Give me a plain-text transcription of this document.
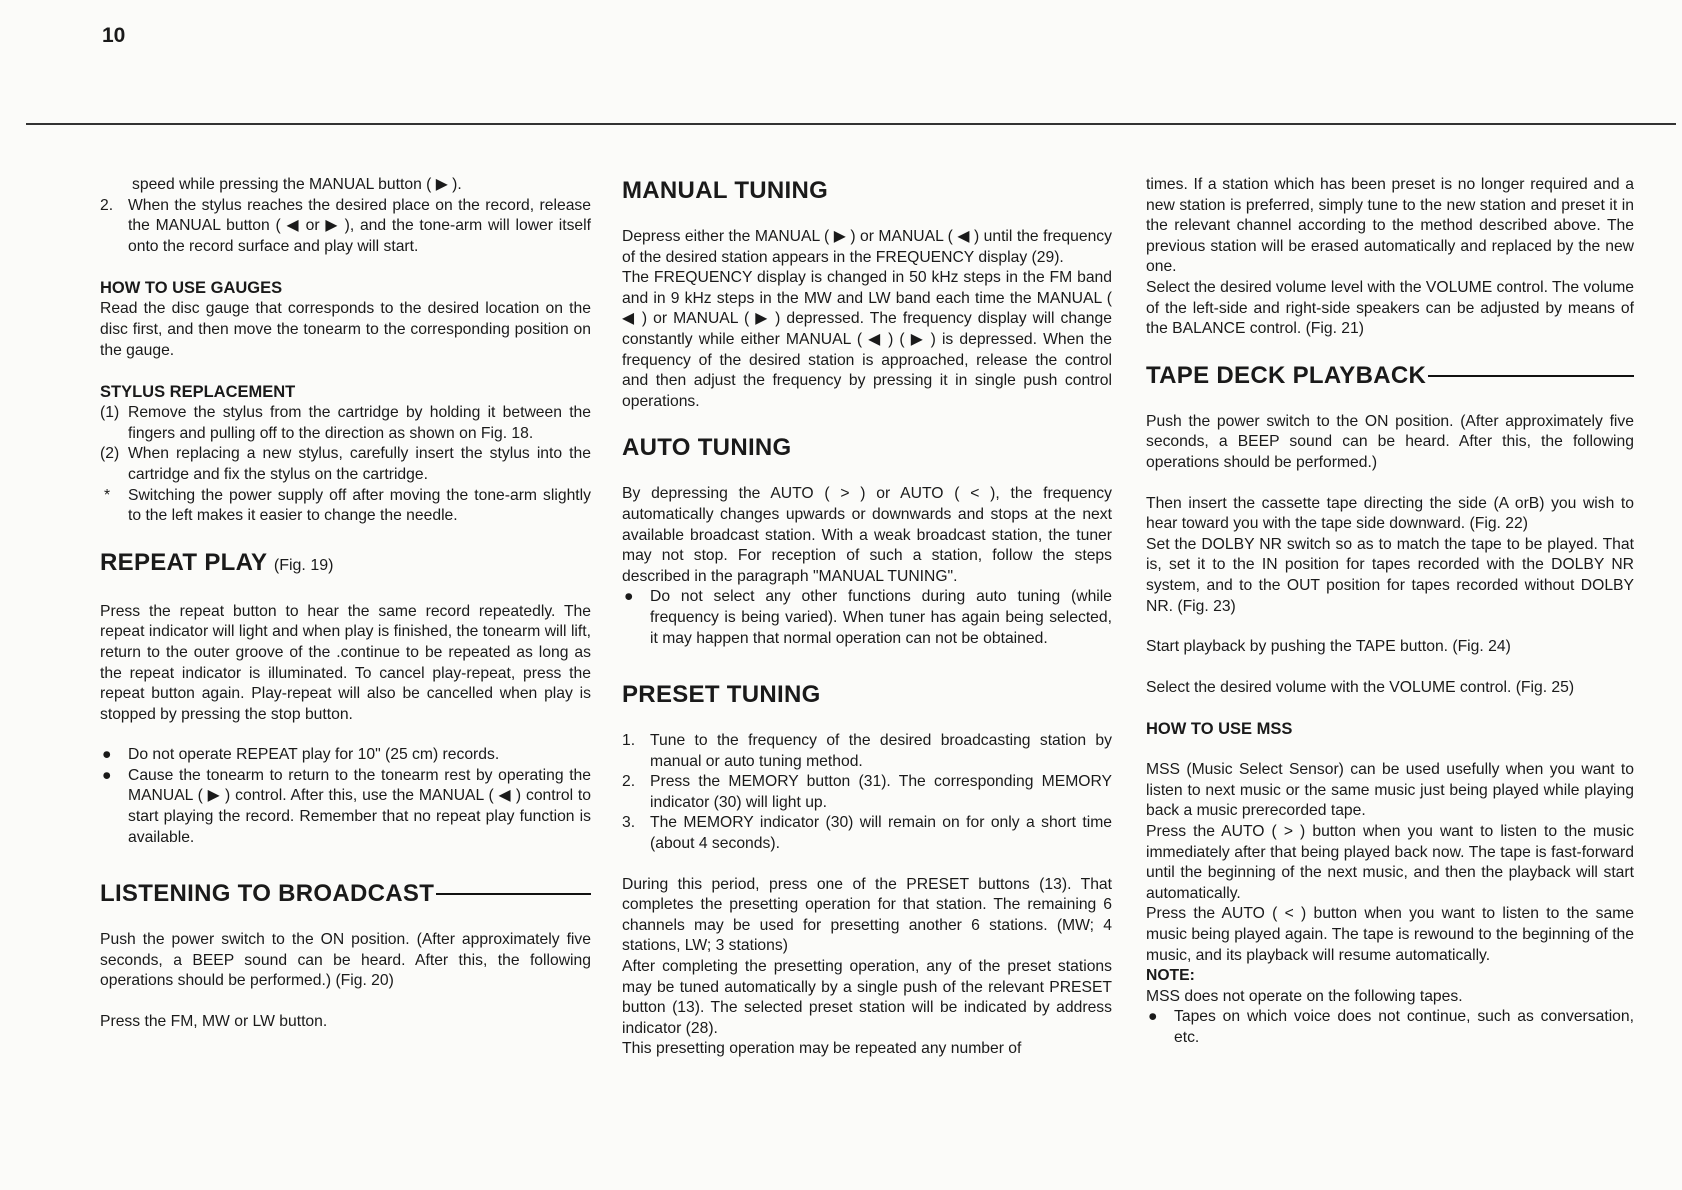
10

speed while pressing the MANUAL button ( ▶ ).

2. When the stylus reaches the desired place on the record, release the MANUAL button ( ◀ or ▶ ), and the tone-arm will lower itself onto the record surface and play will start.
HOW TO USE GAUGES

Read the disc gauge that corresponds to the desired location on the disc first, and then move the tonearm to the corresponding position on the gauge.

STYLUS REPLACEMENT
(1) Remove the stylus from the cartridge by holding it between the fingers and pulling off to the direction as shown on Fig. 18.
(2) When replacing a new stylus, carefully insert the stylus into the cartridge and fix the stylus on the cartridge.
*	Switching the power supply off after moving the tone-arm slightly to the left makes it easier to change the needle.
REPEAT PLAY (Fig. 19)

Press the repeat button to hear the same record repeatedly. The repeat indicator will light and when play is finished, the tonearm will lift, return to the outer groove of the .continue to be repeated as long as the repeat indicator is illuminated. To cancel play-repeat, press the repeat button again. Play-repeat will also be cancelled when play is stopped by pressing the stop button.

●	Do not operate REPEAT play for 10" (25 cm) records.
●	Cause the tonearm to return to the tonearm rest by operating the MANUAL ( ▶ ) control. After this, use the MANUAL ( ◀ ) control to start playing the record. Remember that no repeat play function is available.
LISTENING TO BROADCAST

Push the power switch to the ON position. (After approximately five seconds, a BEEP sound can be heard. After this, the following operations should be performed.) (Fig. 20)

Press the FM, MW or LW button.

MANUAL TUNING

Depress either the MANUAL ( ▶ ) or MANUAL ( ◀ ) until the frequency of the desired station appears in the FREQUENCY display (29).

The FREQUENCY display is changed in 50 kHz steps in the FM band and in 9 kHz steps in the MW and LW band each time the MANUAL ( ◀ ) or MANUAL ( ▶ ) depressed. The frequency display will change constantly while either MANUAL ( ◀ ) ( ▶ ) is depressed. When the frequency of the desired station is approached, release the control and then adjust the frequency by pressing it in single push control operations.

AUTO TUNING

By depressing the AUTO ( > ) or AUTO ( < ), the frequency automatically changes upwards or downwards and stops at the next available broadcast station. With a weak broadcast station, the tuner may not stop. For reception of such a station, follow the steps described in the paragraph "MANUAL TUNING".

●	Do not select any other functions during auto tuning (while frequency is being varied). When tuner has again being selected, it may happen that normal operation can not be obtained.
PRESET TUNING
1. Tune to the frequency of the desired broadcasting station by manual or auto tuning method.
2. Press the MEMORY button (31). The corresponding MEMORY indicator (30) will light up.
3. The MEMORY indicator (30) will remain on for only a short time (about 4 seconds).

During this period, press one of the PRESET buttons (13). That completes the presetting operation for that station. The remaining 6 channels may be used for presetting another 6 stations. (MW; 4 stations, LW; 3 stations)

After completing the presetting operation, any of the preset stations may be tuned automatically by a single push of the relevant PRESET button (13). The selected preset station will be indicated by address indicator (28).

This presetting operation may be repeated any number of

times. If a station which has been preset is no longer required and a new station is preferred, simply tune to the new station and preset it in the relevant channel according to the method described above. The previous station will be erased automatically and replaced by the new one.

Select the desired volume level with the VOLUME control. The volume of the left-side and right-side speakers can be adjusted by means of the BALANCE control. (Fig. 21)

TAPE DECK PLAYBACK

Push the power switch to the ON position. (After approximately five seconds, a BEEP sound can be heard. After this, the following operations should be performed.)

Then insert the cassette tape directing the side (A orB) you wish to hear toward you with the tape side downward. (Fig. 22)

Set the DOLBY NR switch so as to match the tape to be played. That is, set it to the IN position for tapes recorded with the DOLBY NR system, and to the OUT position for tapes recorded without DOLBY NR. (Fig. 23)

Start playback by pushing the TAPE button. (Fig. 24)

Select the desired volume with the VOLUME control. (Fig. 25)

HOW TO USE MSS

MSS (Music Select Sensor) can be used usefully when you want to listen to next music or the same music just being played while playing back a music prerecorded tape.

Press the AUTO ( > ) button when you want to listen to the music immediately after that being played back now. The tape is fast-forward until the beginning of the next music, and then the playback will start automatically.

Press the AUTO ( < ) button when you want to listen to the same music being played again. The tape is rewound to the beginning of the music, and its playback will resume automatically.

NOTE:

MSS does not operate on the following tapes.

●	Tapes on which voice does not continue, such as conversation, etc.
